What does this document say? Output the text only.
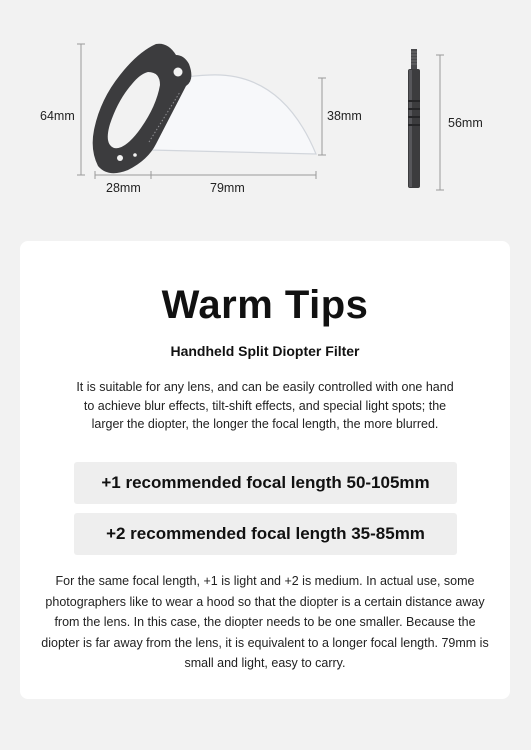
64mm
28mm	79mm
38mm	56mm
Warm Tips
Handheld Split Diopter Filter

It is suitable for any lens, and can be easily controlled with one hand to achieve blur effects, tilt-shift effects, and special light spots; the larger the diopter, the longer the focal length, the more blurred.

+1 recommended focal length 50-105mm
+2 recommended focal length 35-85mm

For the same focal length, +1 is light and +2 is medium. In actual use, some photographers like to wear a hood so that the diopter is a certain distance away from the lens. In this case, the diopter needs to be one smaller. Because the diopter is far away from the lens, it is equivalent to a longer focal length. 79mm is small and light, easy to carry.
